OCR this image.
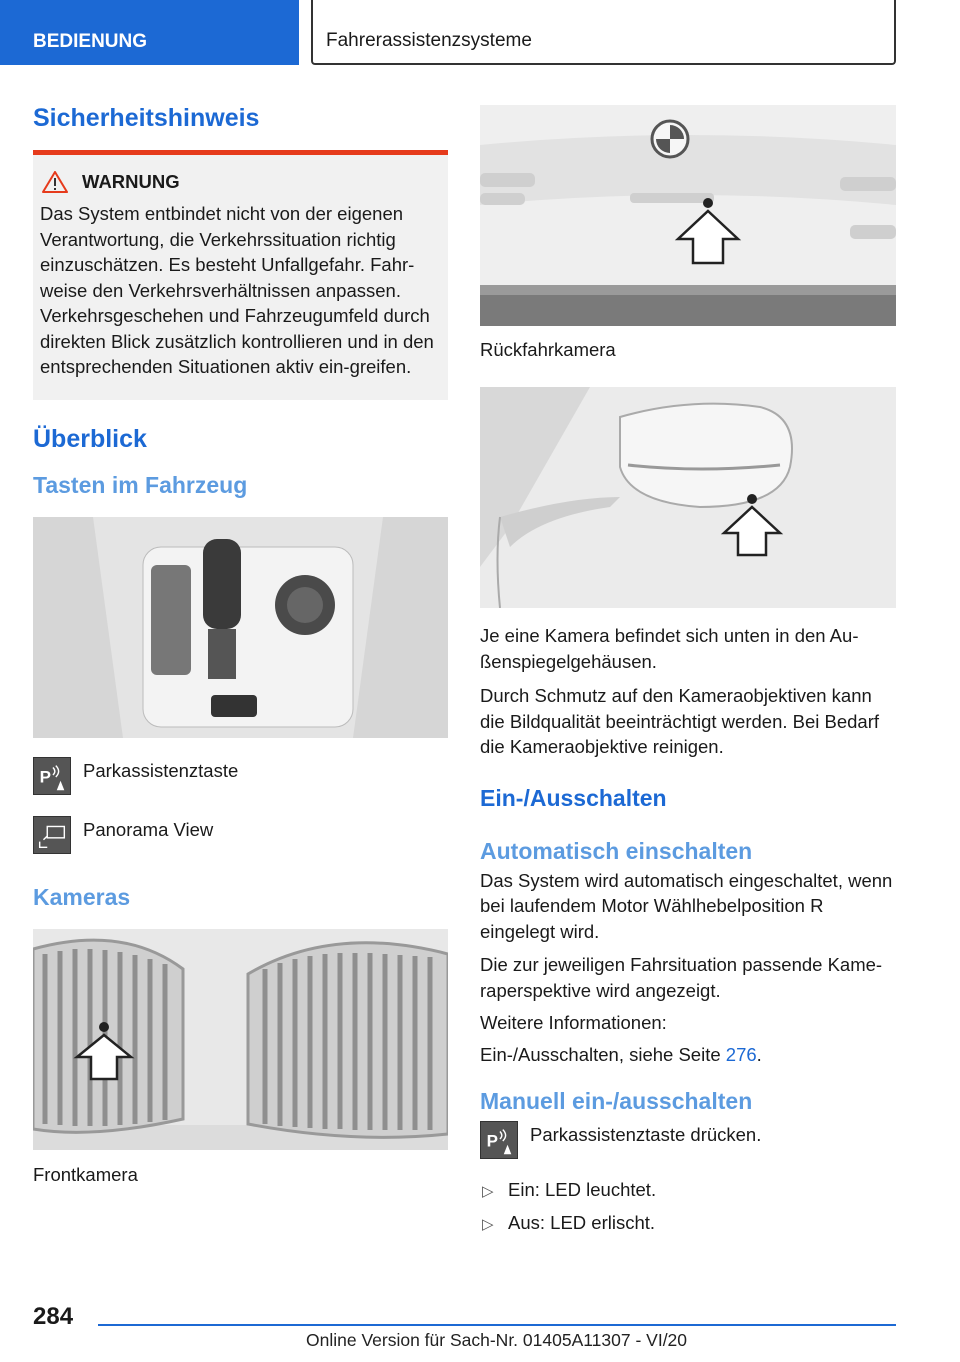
BEDIENUNG	Fahrerassistenzsysteme
Sicherheitshinweis
WARNUNG

Das System entbindet nicht von der eigenen Verantwortung, die Verkehrssituation richtig einzuschätzen. Es besteht Unfallgefahr. Fahr-weise den Verkehrsverhältnissen anpassen. Verkehrsgeschehen und Fahrzeugumfeld durch direkten Blick zusätzlich kontrollieren und in den entsprechenden Situationen aktiv ein-greifen.

Überblick
Tasten im Fahrzeug
P Parkassistenztaste
Panorama View
Kameras
Frontkamera
Rückfahrkamera

Je eine Kamera befindet sich unten in den Au-ßenspiegelgehäusen.

Durch Schmutz auf den Kameraobjektiven kann die Bildqualität beeinträchtigt werden. Bei Bedarf die Kameraobjektive reinigen.

Ein-/Ausschalten
Automatisch einschalten

Das System wird automatisch eingeschaltet, wenn bei laufendem Motor Wählhebelposition R eingelegt wird.

Die zur jeweiligen Fahrsituation passende Kame-raperspektive wird angezeigt.

Weitere Informationen:

Ein-/Ausschalten, siehe Seite 276.

Manuell ein-/ausschalten
P Parkassistenztaste drücken.
▷ Ein: LED leuchtet.
▷ Aus: LED erlischt.
284
Online Version für Sach-Nr. 01405A11307 - VI/20
